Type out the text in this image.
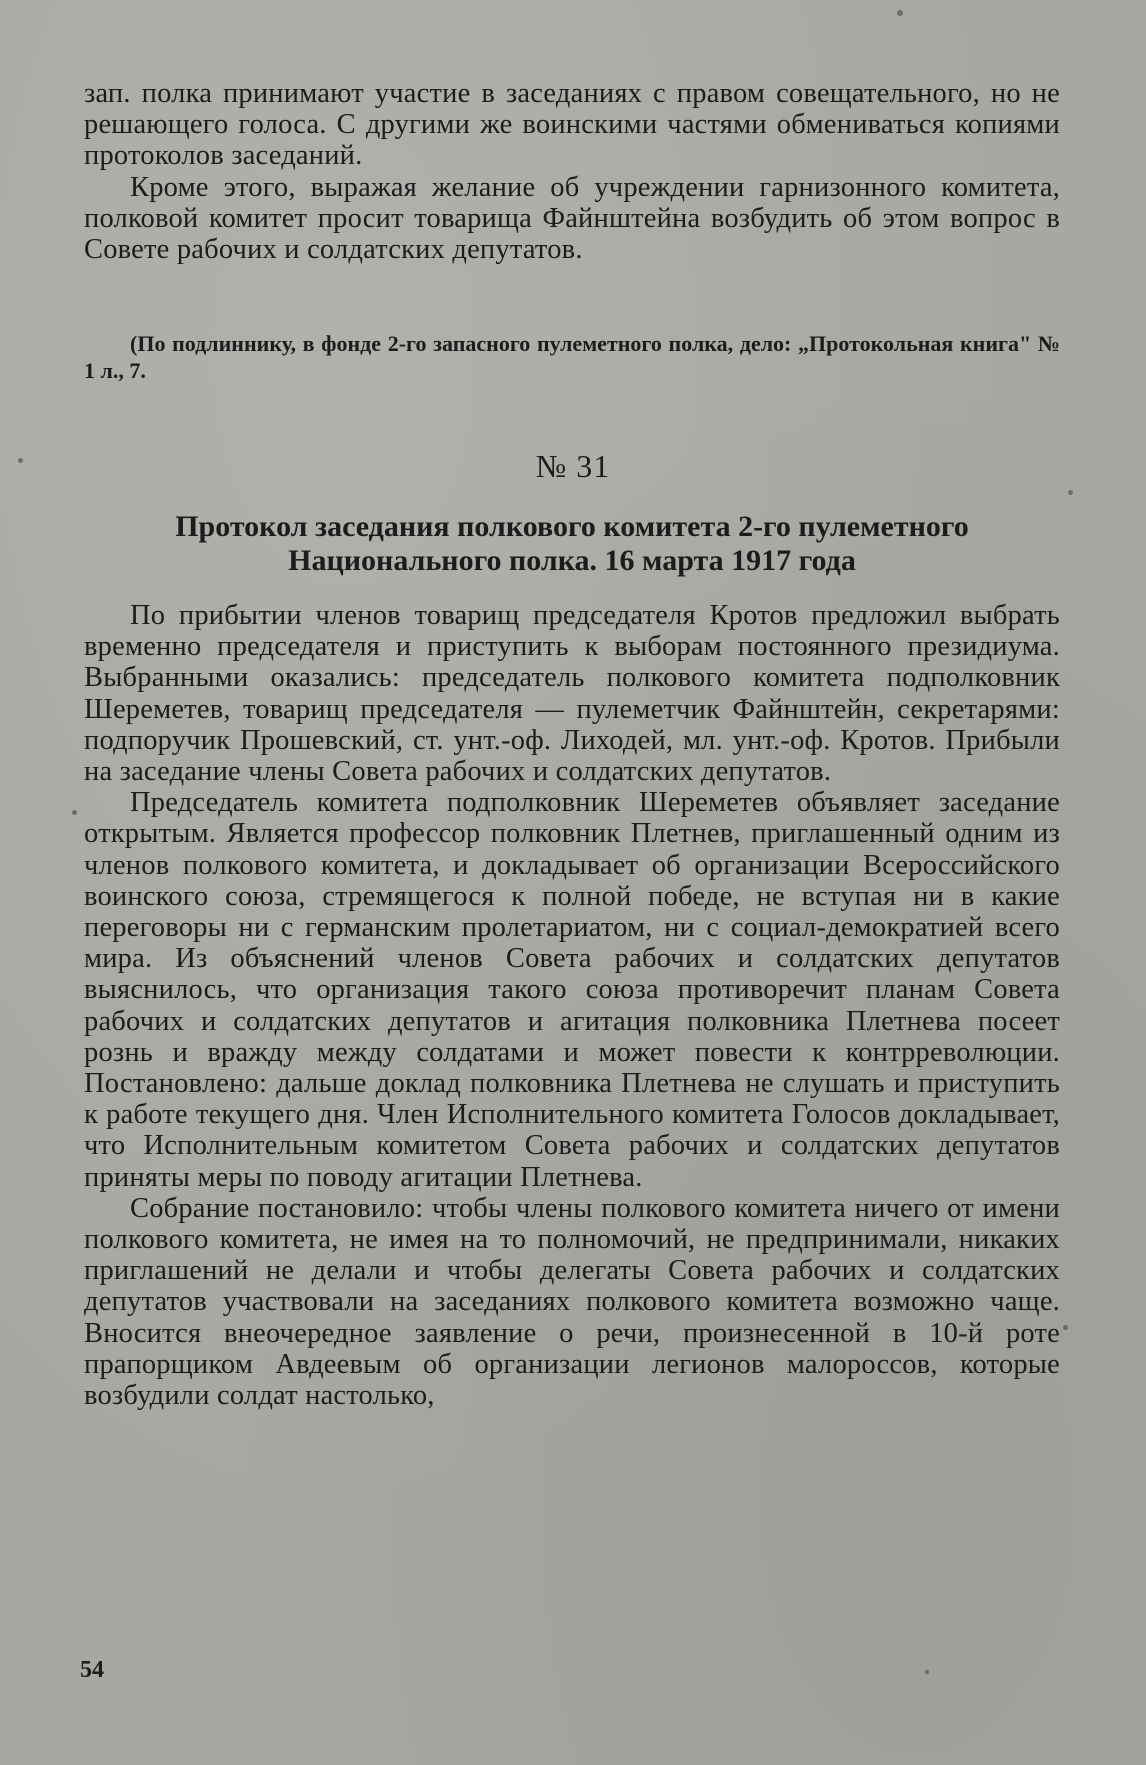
зап. полка принимают участие в заседаниях с правом совещательного, но не решающего голоса. С другими же воинскими частями обмениваться копиями протоколов заседаний.

Кроме этого, выражая желание об учреждении гарнизонного комитета, полковой комитет просит товарища Файнштейна возбудить об этом вопрос в Совете рабочих и солдатских депутатов.

(По подлиннику, в фонде 2-го запасного пулеметного полка, дело: „Протокольная книга" № 1 л., 7.

№ 31

Протокол заседания полкового комитета 2-го пулеметного Национального полка. 16 марта 1917 года

По прибытии членов товарищ председателя Кротов предложил выбрать временно председателя и приступить к выборам постоянного президиума. Выбранными оказались: председатель полкового комитета подполковник Шереметев, товарищ председателя — пулеметчик Файнштейн, секретарями: подпоручик Прошевский, ст. унт.-оф. Лиходей, мл. унт.-оф. Кротов. Прибыли на заседание члены Совета рабочих и солдатских депутатов.

Председатель комитета подполковник Шереметев объявляет заседание открытым. Является профессор полковник Плетнев, приглашенный одним из членов полкового комитета, и докладывает об организации Всероссийского воинского союза, стремящегося к полной победе, не вступая ни в какие переговоры ни с германским пролетариатом, ни с социал-демократией всего мира. Из объяснений членов Совета рабочих и солдатских депутатов выяснилось, что организация такого союза противоречит планам Совета рабочих и солдатских депутатов и агитация полковника Плетнева посеет рознь и вражду между солдатами и может повести к контрреволюции. Постановлено: дальше доклад полковника Плетнева не слушать и приступить к работе текущего дня. Член Исполнительного комитета Голосов докладывает, что Исполнительным комитетом Совета рабочих и солдатских депутатов приняты меры по поводу агитации Плетнева.

Собрание постановило: чтобы члены полкового комитета ничего от имени полкового комитета, не имея на то полномочий, не предпринимали, никаких приглашений не делали и чтобы делегаты Совета рабочих и солдатских депутатов участвовали на заседаниях полкового комитета возможно чаще. Вносится внеочередное заявление о речи, произнесенной в 10-й роте прапорщиком Авдеевым об организации легионов малороссов, которые возбудили солдат настолько,

54
